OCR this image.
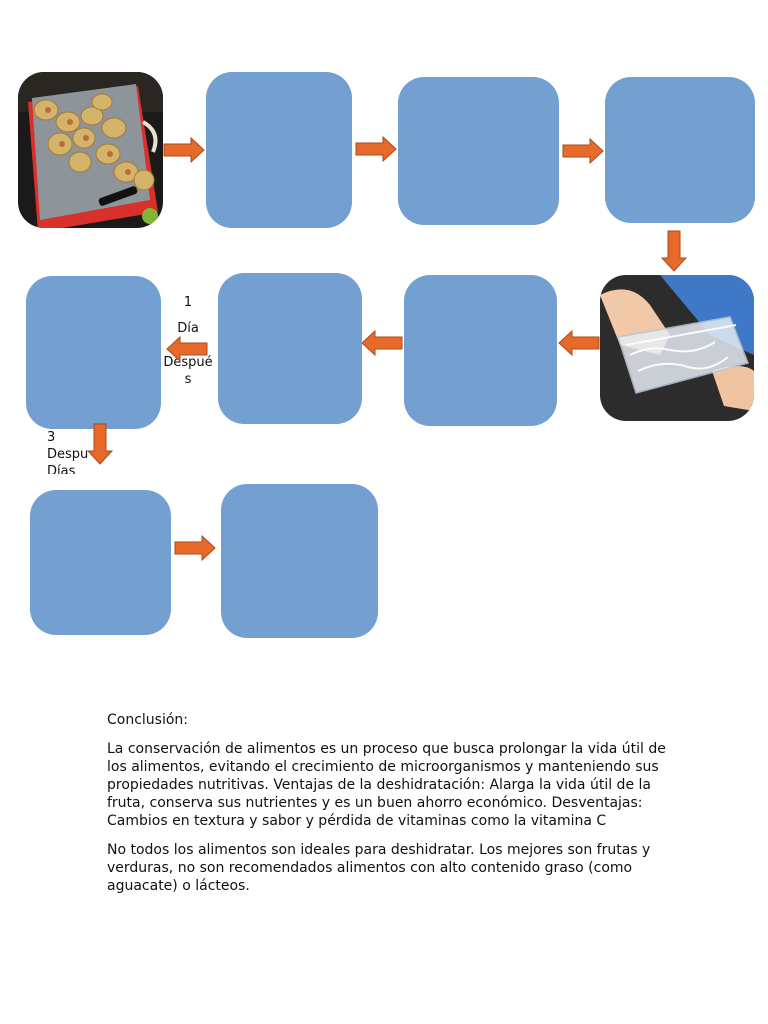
1
Día
Despué
s
3
Despu
Días

Conclusión:

La conservación de alimentos es un proceso que busca prolongar la vida útil de los alimentos, evitando el crecimiento de microorganismos y manteniendo sus propiedades nutritivas. Ventajas de la deshidratación: Alarga la vida útil de la fruta, conserva sus nutrientes y es un buen ahorro económico. Desventajas: Cambios en textura y sabor y pérdida de vitaminas como la vitamina C

No todos los alimentos son ideales para deshidratar. Los mejores son frutas y verduras, no son recomendados alimentos con alto contenido graso (como aguacate) o lácteos.
